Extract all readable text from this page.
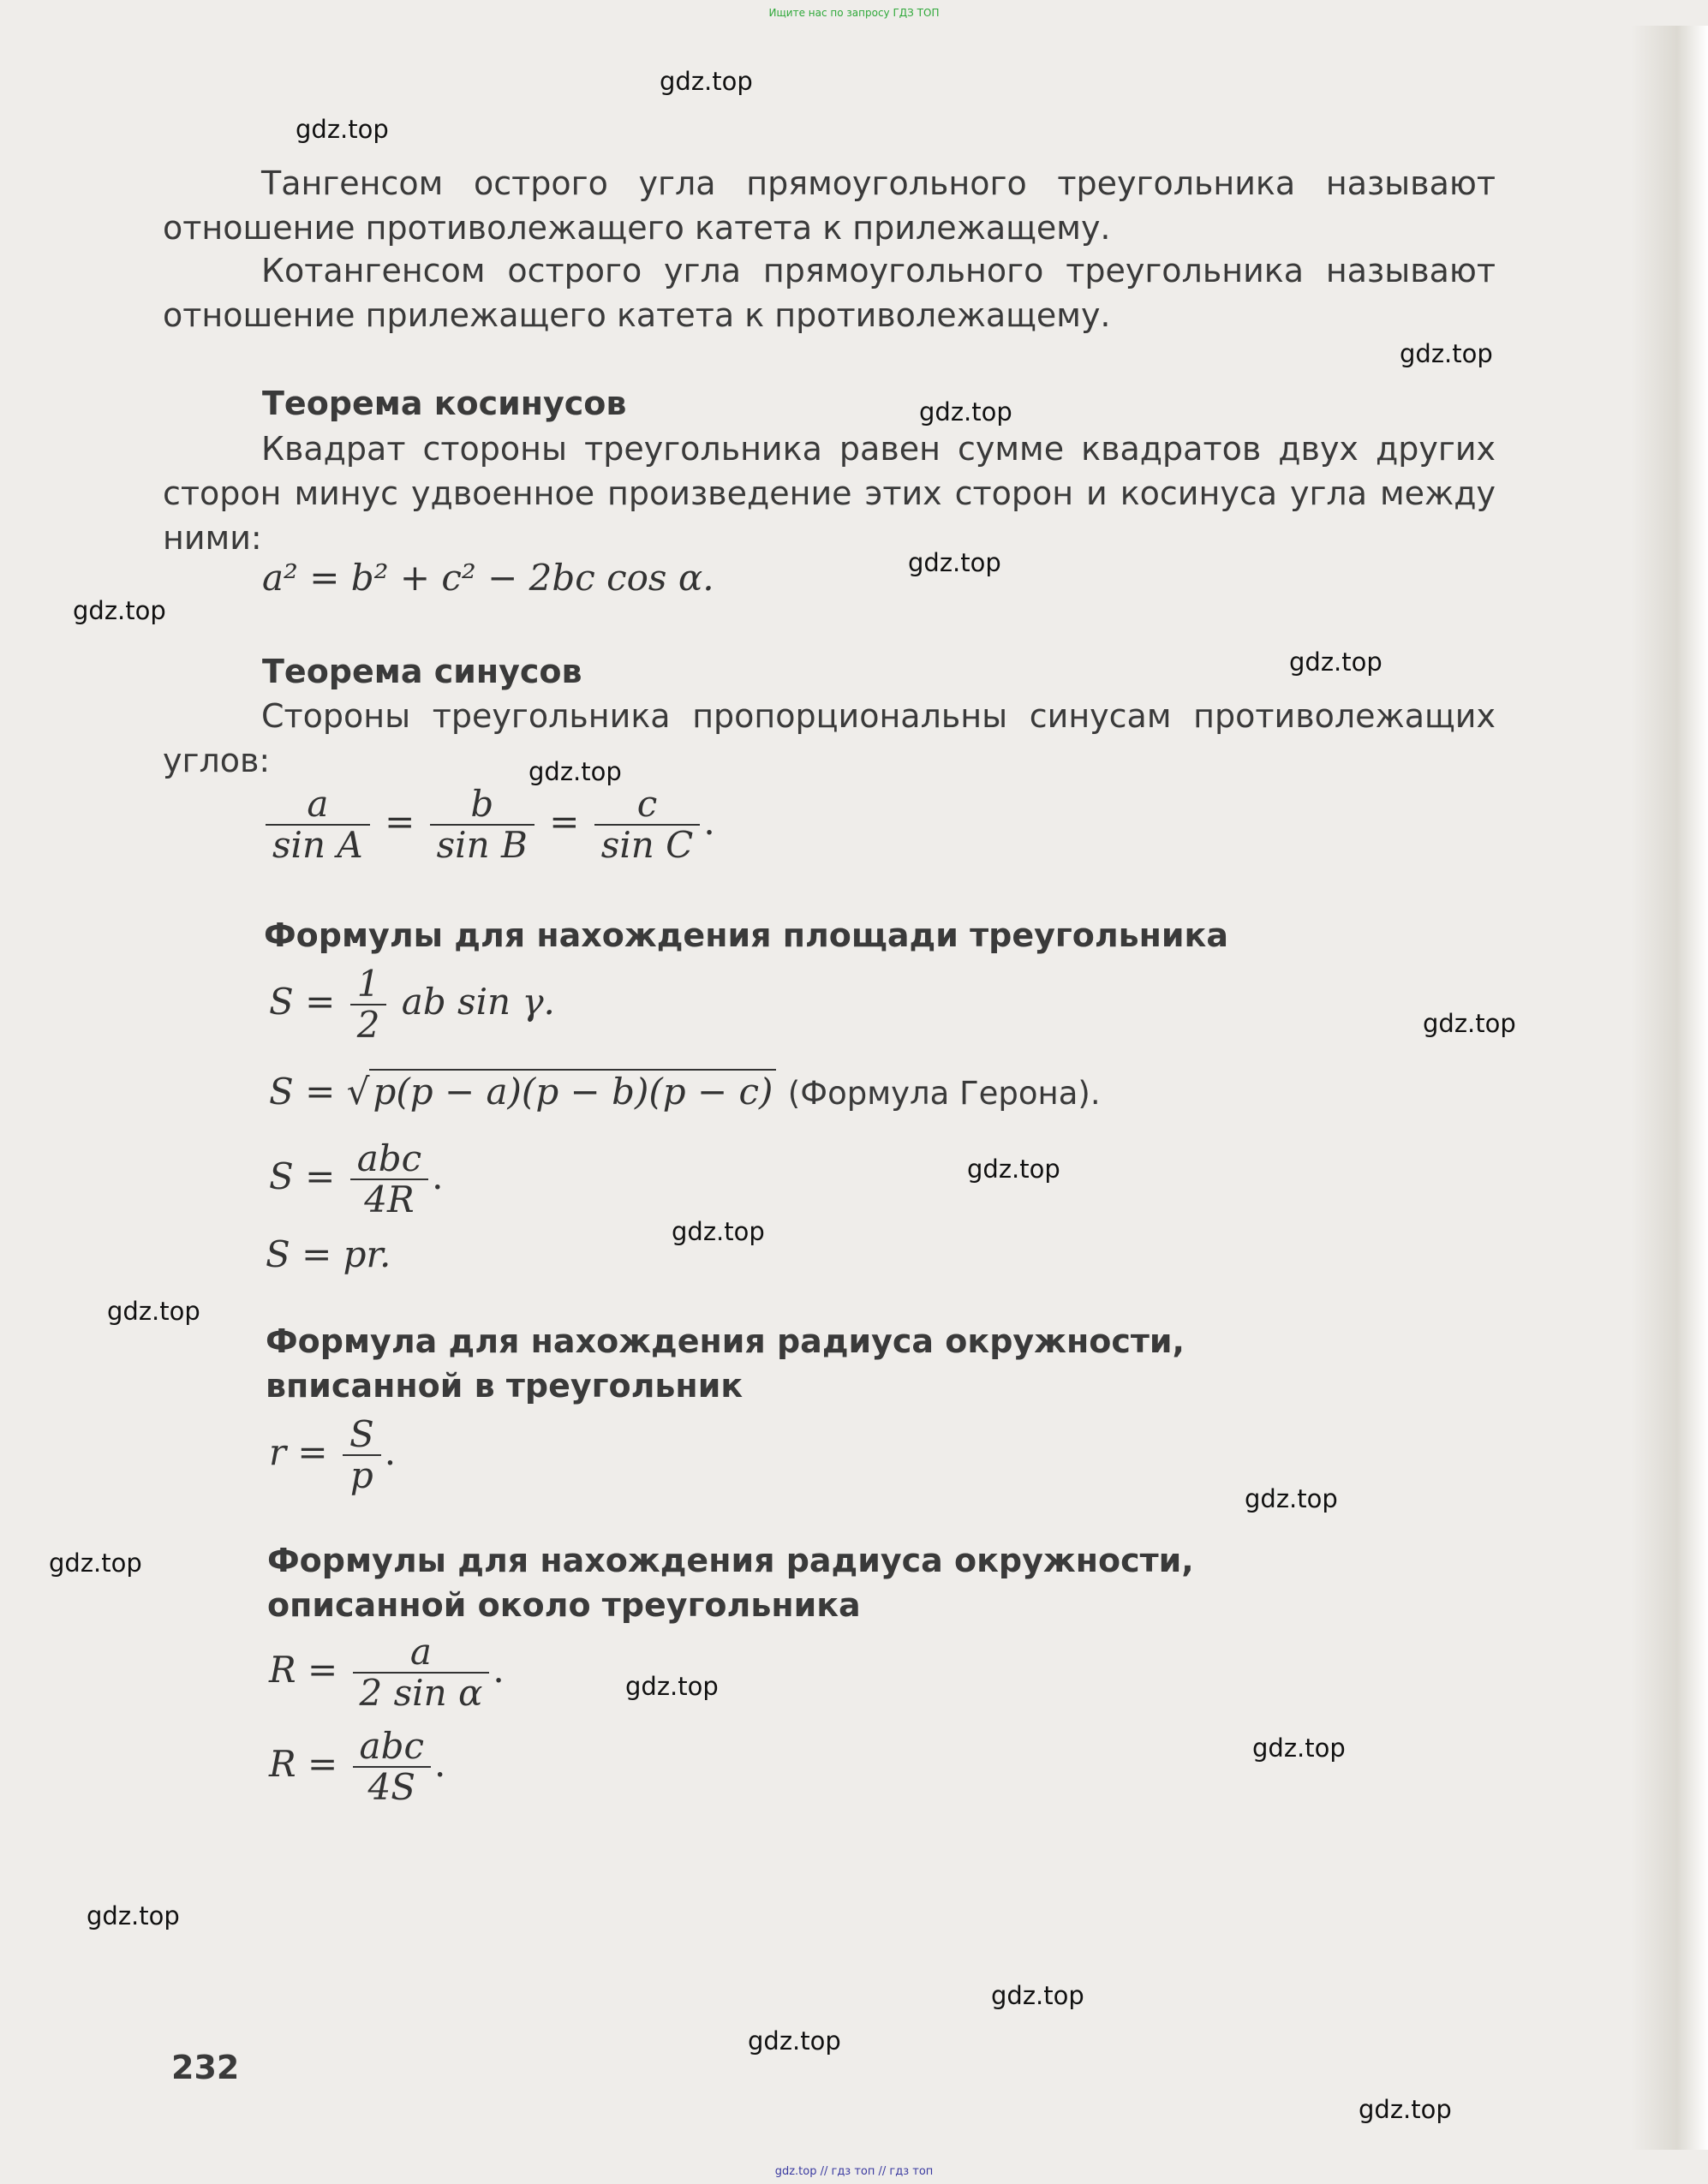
Ищите нас по запросу ГДЗ ТОП
gdz.top
gdz.top
gdz.top
gdz.top
gdz.top
gdz.top
gdz.top
gdz.top
gdz.top
gdz.top
gdz.top
gdz.top
gdz.top
gdz.top
gdz.top
gdz.top
gdz.top
gdz.top
gdz.top
gdz.top
Тангенсом острого угла прямоугольного треугольника называют отношение противолежащего катета к прилежащему.
Котангенсом острого угла прямоугольного треугольника называют отношение прилежащего катета к противолежащему.
Теорема косинусов
Квадрат стороны треугольника равен сумме квадратов двух других сторон минус удвоенное произведение этих сторон и косинуса угла между ними:
a² = b² + c² − 2bc cos α.
Теорема синусов
Стороны треугольника пропорциональны синусам противолежащих углов:
$\frac{a}{\text{sin A}} = \frac{b}{\text{sin B}} = \frac{c}{\text{sin C}}$ .
Формулы для нахождения площади треугольника
$S = \frac{1}{2}$ ab sin γ.
S = √p(p − a)(p − b)(p − c) (Формула Герона).
$S = \frac{\text{abc}}{4R}$ .
S = pr.
Формула для нахождения радиуса окружности,
вписанной в треугольник
$r = \frac{S}{p}$ .
Формулы для нахождения радиуса окружности,
описанной около треугольника
$R = \frac{a}{\text{2 sin α}}$ .
$R = \frac{\text{abc}}{4S}$ .
232
gdz.top // гдз топ // гдз топ
